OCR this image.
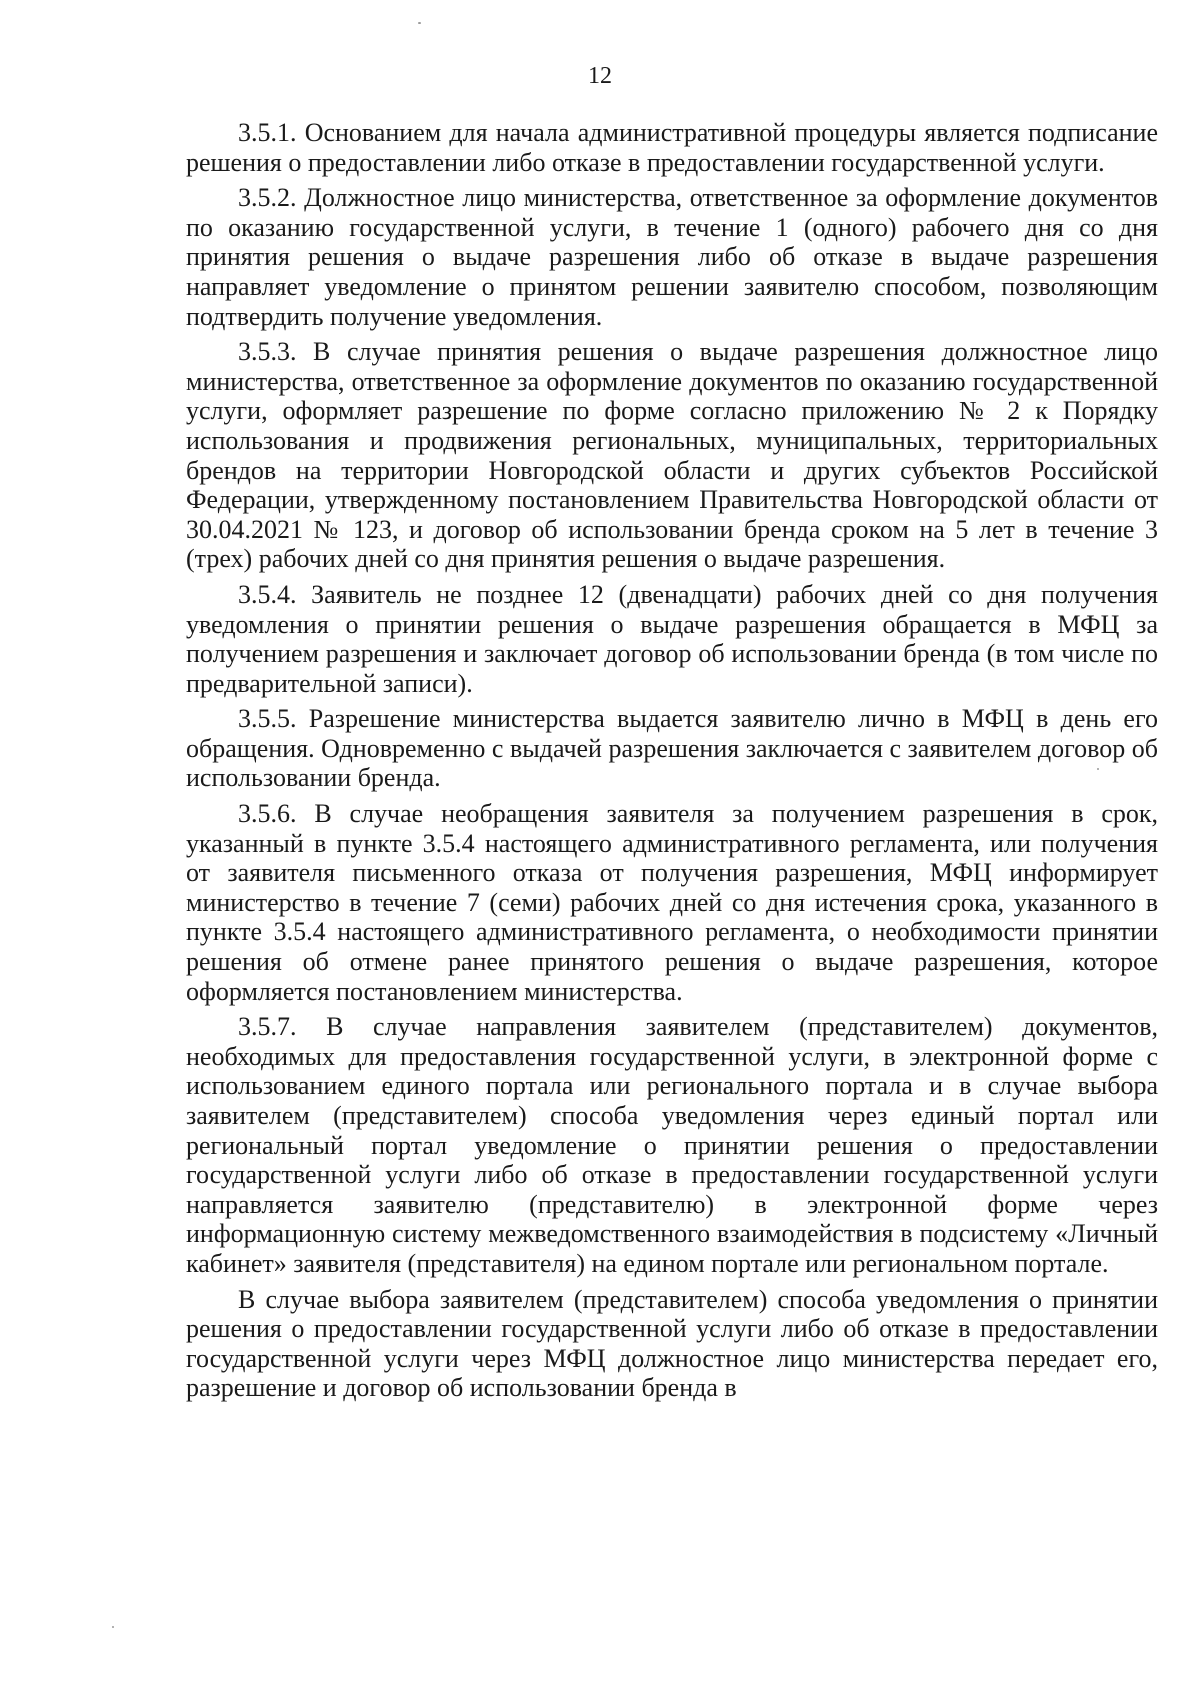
12

3.5.1. Основанием для начала административной процедуры является подписание решения о предоставлении либо отказе в предоставлении государственной услуги.

3.5.2. Должностное лицо министерства, ответственное за оформление документов по оказанию государственной услуги, в течение 1 (одного) рабочего дня со дня принятия решения о выдаче разрешения либо об отказе в выдаче разрешения направляет уведомление о принятом решении заявителю способом, позволяющим подтвердить получение уведомления.

3.5.3. В случае принятия решения о выдаче разрешения должностное лицо министерства, ответственное за оформление документов по оказанию государственной услуги, оформляет разрешение по форме согласно приложению № 2 к Порядку использования и продвижения региональных, муниципальных, территориальных брендов на территории Новгородской области и других субъектов Российской Федерации, утвержденному постановлением Правительства Новгородской области от 30.04.2021 № 123, и договор об использовании бренда сроком на 5 лет в течение 3 (трех) рабочих дней со дня принятия решения о выдаче разрешения.

3.5.4. Заявитель не позднее 12 (двенадцати) рабочих дней со дня получения уведомления о принятии решения о выдаче разрешения обращается в МФЦ за получением разрешения и заключает договор об использовании бренда (в том числе по предварительной записи).

3.5.5. Разрешение министерства выдается заявителю лично в МФЦ в день его обращения. Одновременно с выдачей разрешения заключается с заявителем договор об использовании бренда.

3.5.6. В случае необращения заявителя за получением разрешения в срок, указанный в пункте 3.5.4 настоящего административного регламента, или получения от заявителя письменного отказа от получения разрешения, МФЦ информирует министерство в течение 7 (семи) рабочих дней со дня истечения срока, указанного в пункте 3.5.4 настоящего административного регламента, о необходимости принятии решения об отмене ранее принятого решения о выдаче разрешения, которое оформляется постановлением министерства.

3.5.7. В случае направления заявителем (представителем) документов, необходимых для предоставления государственной услуги, в электронной форме с использованием единого портала или регионального портала и в случае выбора заявителем (представителем) способа уведомления через единый портал или региональный портал уведомление о принятии решения о предоставлении государственной услуги либо об отказе в предоставлении государственной услуги направляется заявителю (представителю) в электронной форме через информационную систему межведомственного взаимодействия в подсистему «Личный кабинет» заявителя (представителя) на едином портале или региональном портале.

В случае выбора заявителем (представителем) способа уведомления о принятии решения о предоставлении государственной услуги либо об отказе в предоставлении государственной услуги через МФЦ должностное лицо министерства передает его, разрешение и договор об использовании бренда в
